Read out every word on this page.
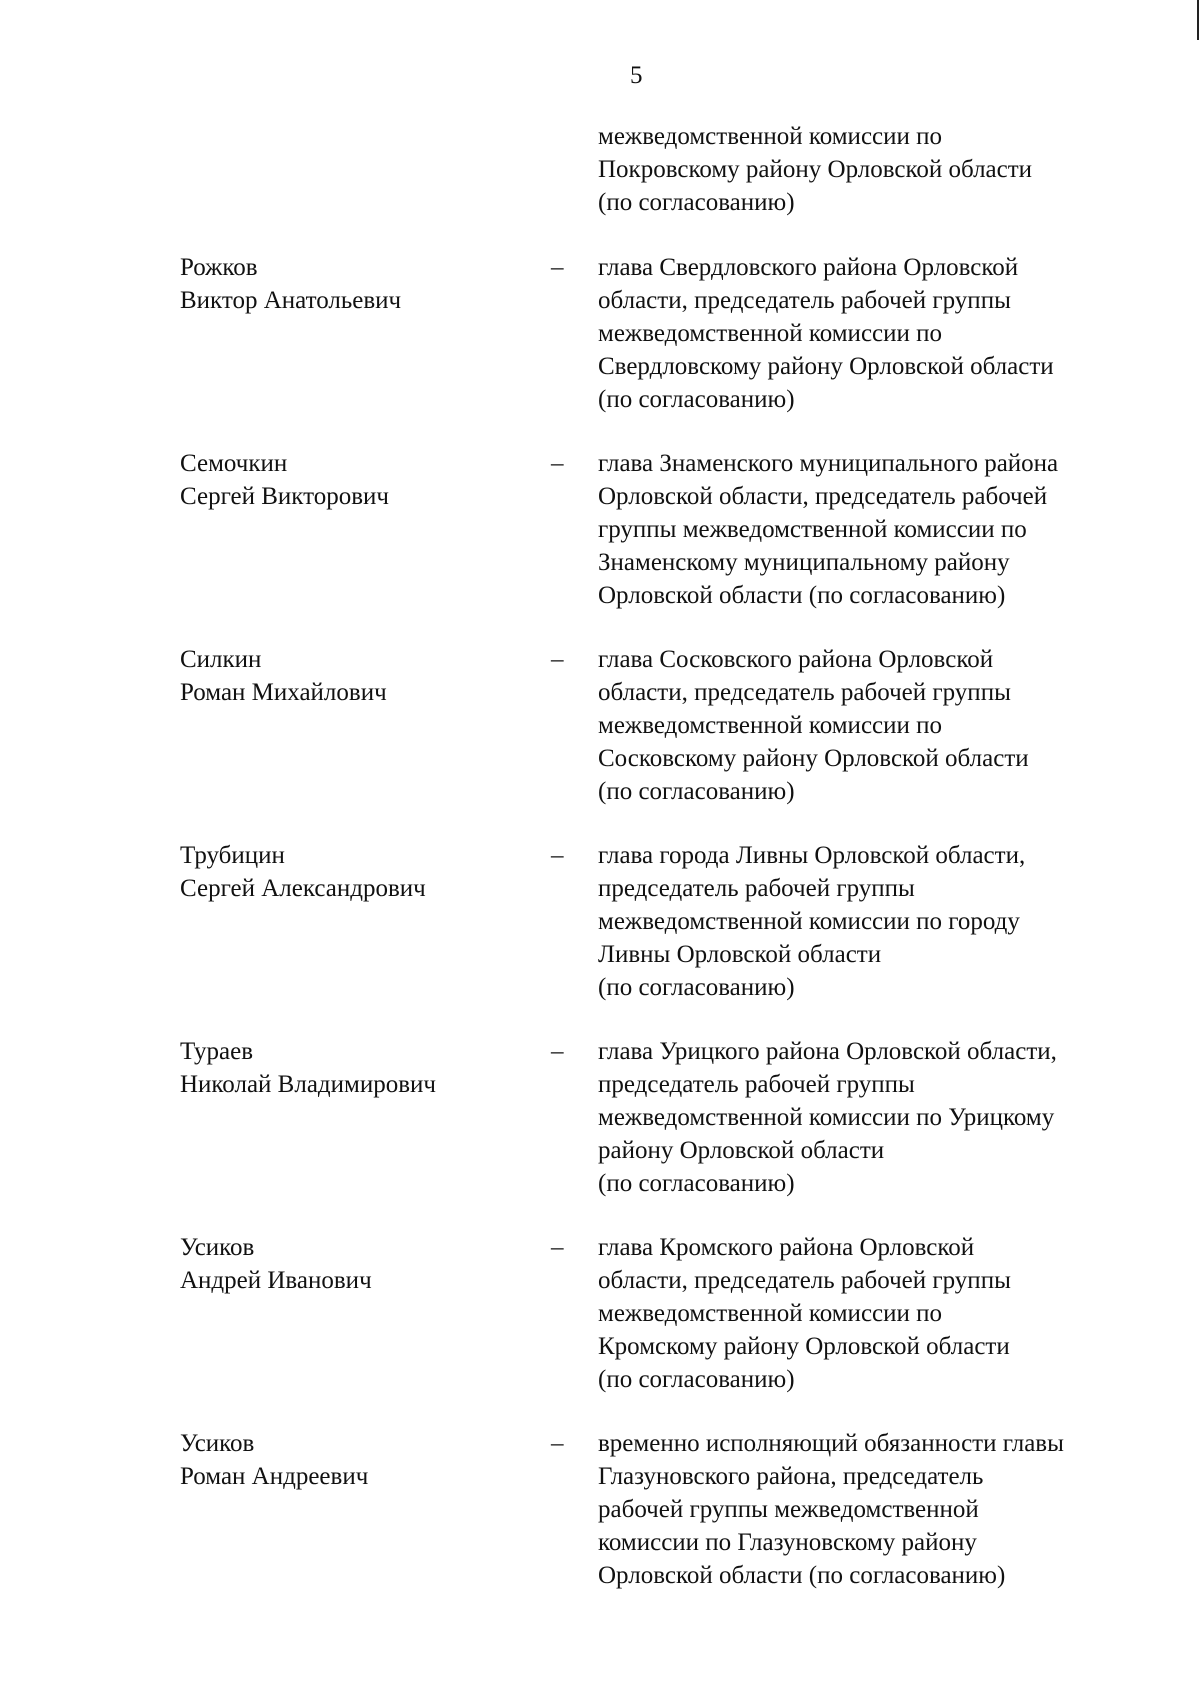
5
межведомственной комиссии по
Покровскому району Орловской области
(по согласованию)
Рожков
Виктор Анатольевич
– глава Свердловского района Орловской
области, председатель рабочей группы
межведомственной комиссии по
Свердловскому району Орловской области
(по согласованию)
Семочкин
Сергей Викторович
– глава Знаменского муниципального района
Орловской области, председатель рабочей
группы межведомственной комиссии по
Знаменскому муниципальному району
Орловской области (по согласованию)
Силкин
Роман Михайлович
– глава Сосковского района Орловской
области, председатель рабочей группы
межведомственной комиссии по
Сосковскому району Орловской области
(по согласованию)
Трубицин
Сергей Александрович
– глава города Ливны Орловской области,
председатель рабочей группы
межведомственной комиссии по городу
Ливны Орловской области
(по согласованию)
Тураев
Николай Владимирович
– глава Урицкого района Орловской области,
председатель рабочей группы
межведомственной комиссии по Урицкому
району Орловской области
(по согласованию)
Усиков
Андрей Иванович
– глава Кромского района Орловской
области, председатель рабочей группы
межведомственной комиссии по
Кромскому району Орловской области
(по согласованию)
Усиков
Роман Андреевич
– временно исполняющий обязанности главы
Глазуновского района, председатель
рабочей группы межведомственной
комиссии по Глазуновскому району
Орловской области (по согласованию)
